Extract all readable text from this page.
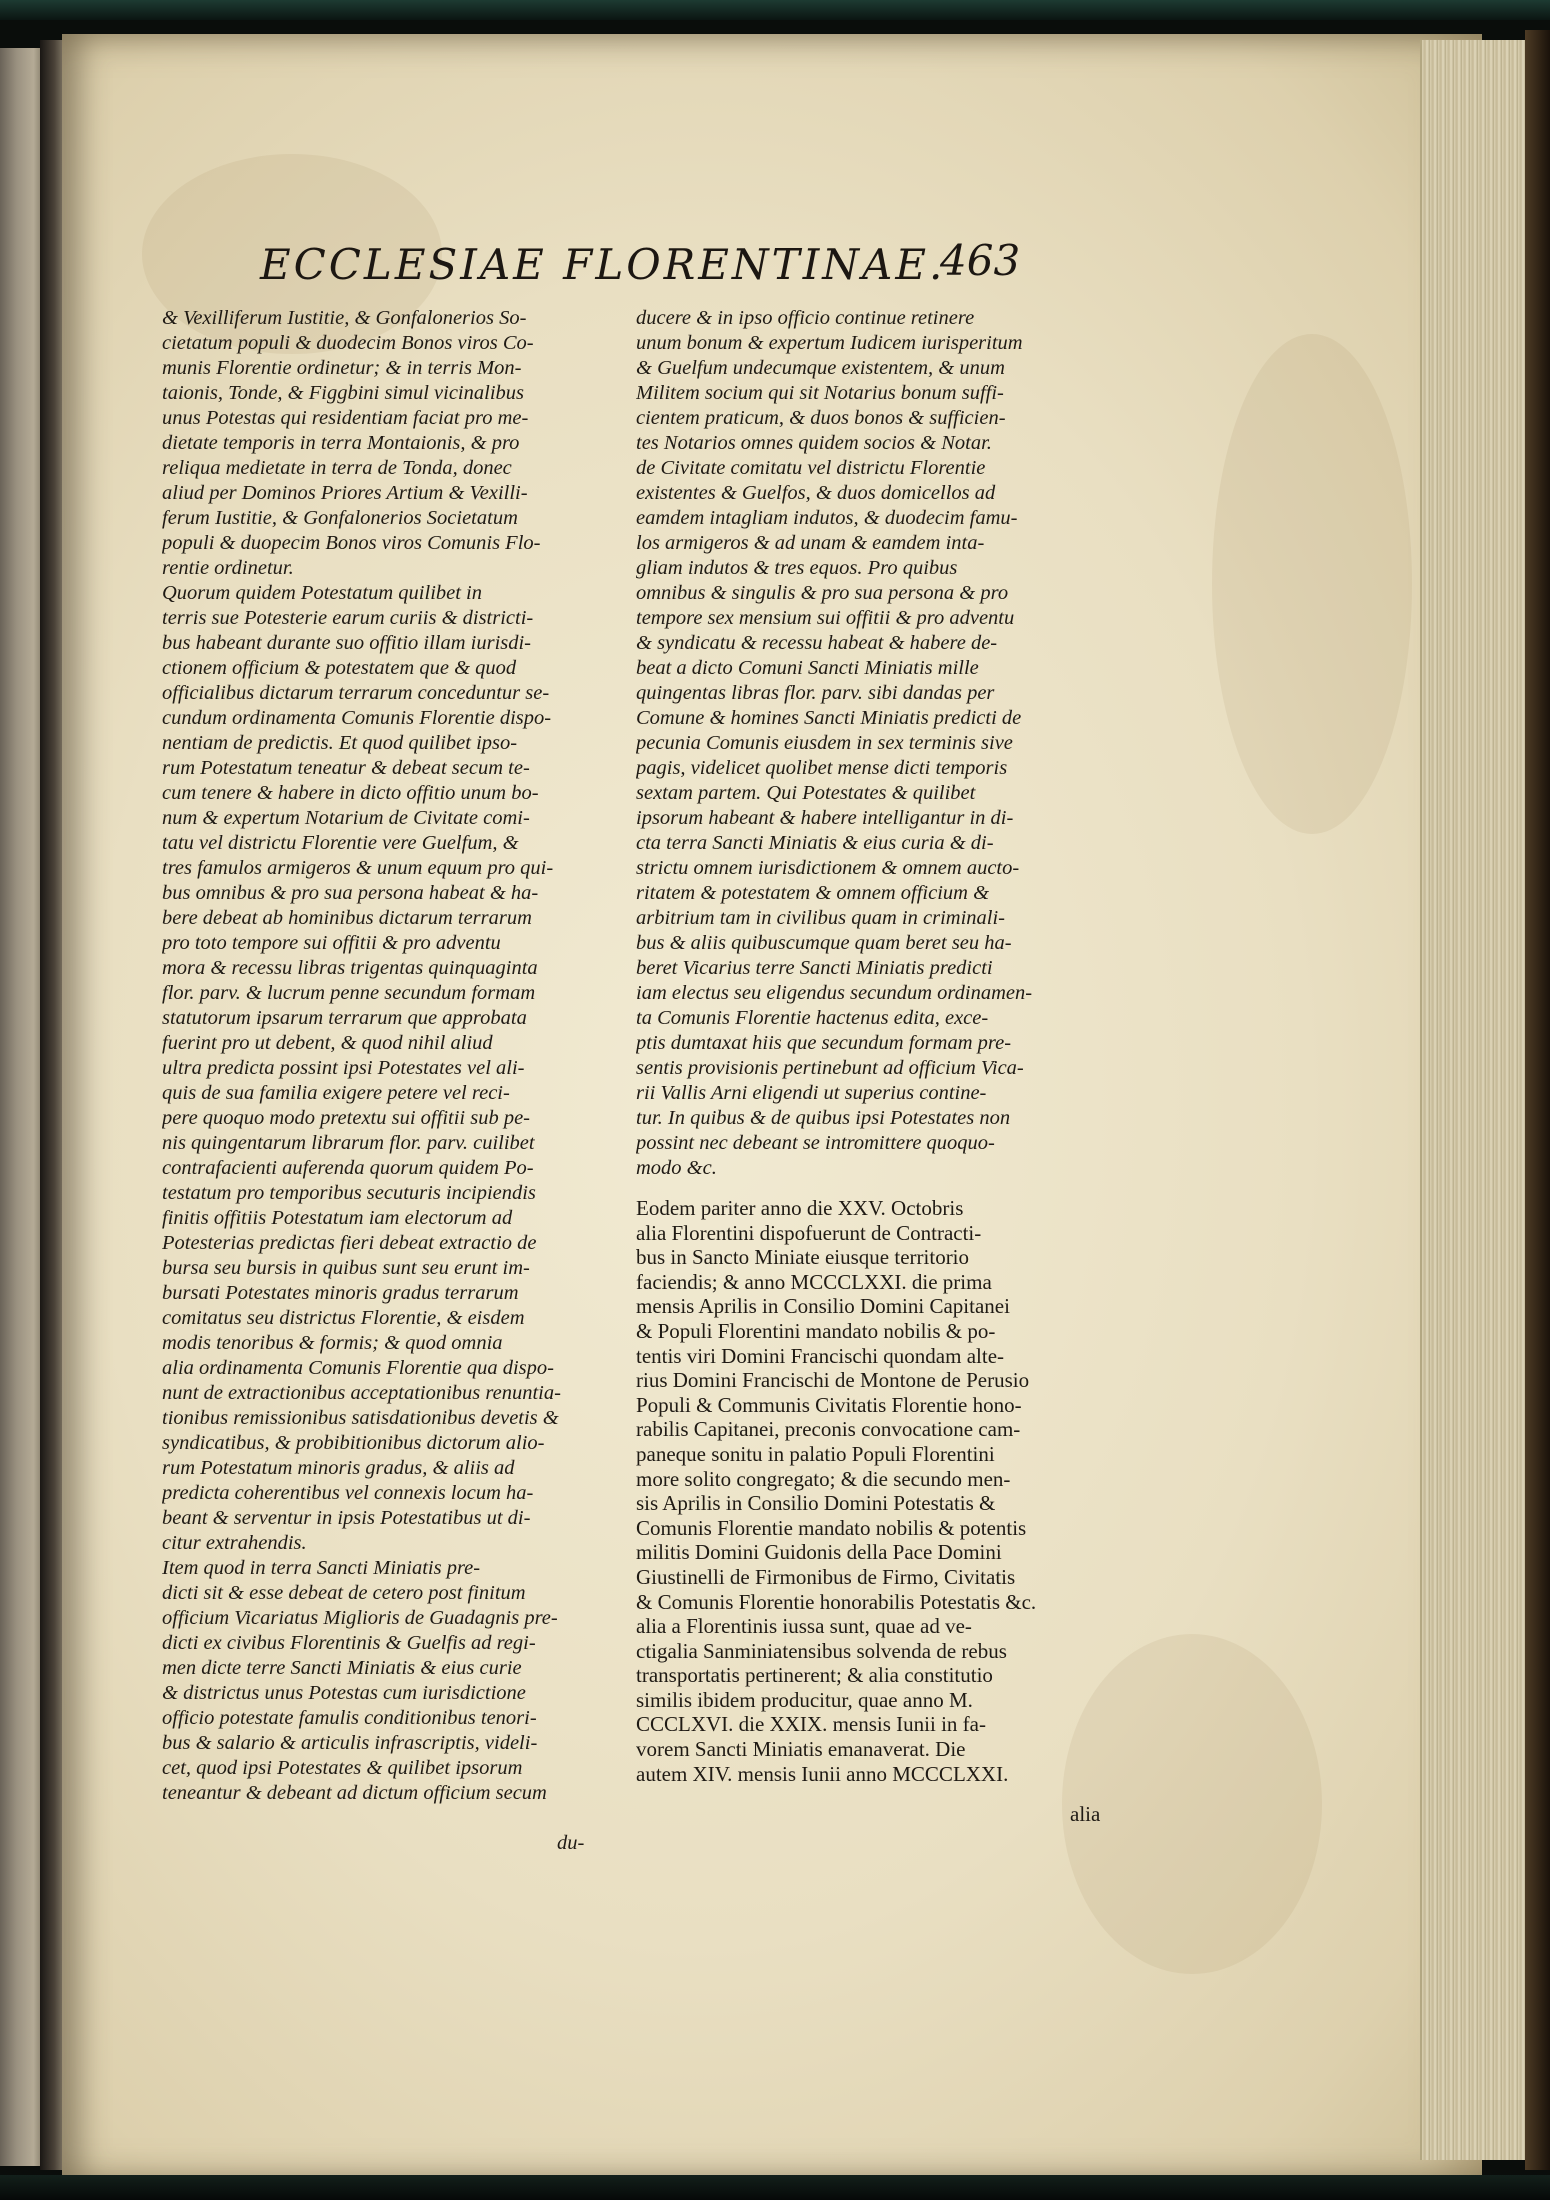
ECCLESIAE FLORENTINAE.
463
& Vexilliferum Iustitie, & Gonfalonerios So-
cietatum populi & duodecim Bonos viros Co-
munis Florentie ordinetur; & in terris Mon-
taionis, Tonde, & Figgbini simul vicinalibus
unus Potestas qui residentiam faciat pro me-
dietate temporis in terra Montaionis, & pro
reliqua medietate in terra de Tonda, donec
aliud per Dominos Priores Artium & Vexilli-
ferum Iustitie, & Gonfalonerios Societatum
populi & duopecim Bonos viros Comunis Flo-
rentie ordinetur.
Quorum quidem Potestatum quilibet in
terris sue Potesterie earum curiis & districti-
bus habeant durante suo offitio illam iurisdi-
ctionem officium & potestatem que & quod
officialibus dictarum terrarum conceduntur se-
cundum ordinamenta Comunis Florentie dispo-
nentiam de predictis. Et quod quilibet ipso-
rum Potestatum teneatur & debeat secum te-
cum tenere & habere in dicto offitio unum bo-
num & expertum Notarium de Civitate comi-
tatu vel districtu Florentie vere Guelfum, &
tres famulos armigeros & unum equum pro qui-
bus omnibus & pro sua persona habeat & ha-
bere debeat ab hominibus dictarum terrarum
pro toto tempore sui offitii & pro adventu
mora & recessu libras trigentas quinquaginta
flor. parv. & lucrum penne secundum formam
statutorum ipsarum terrarum que approbata
fuerint pro ut debent, & quod nihil aliud
ultra predicta possint ipsi Potestates vel ali-
quis de sua familia exigere petere vel reci-
pere quoquo modo pretextu sui offitii sub pe-
nis quingentarum librarum flor. parv. cuilibet
contrafacienti auferenda quorum quidem Po-
testatum pro temporibus secuturis incipiendis
finitis offitiis Potestatum iam electorum ad
Potesterias predictas fieri debeat extractio de
bursa seu bursis in quibus sunt seu erunt im-
bursati Potestates minoris gradus terrarum
comitatus seu districtus Florentie, & eisdem
modis tenoribus & formis; & quod omnia
alia ordinamenta Comunis Florentie qua dispo-
nunt de extractionibus acceptationibus renuntia-
tionibus remissionibus satisdationibus devetis &
syndicatibus, & probibitionibus dictorum alio-
rum Potestatum minoris gradus, & aliis ad
predicta coherentibus vel connexis locum ha-
beant & serventur in ipsis Potestatibus ut di-
citur extrahendis.
Item quod in terra Sancti Miniatis pre-
dicti sit & esse debeat de cetero post finitum
officium Vicariatus Miglioris de Guadagnis pre-
dicti ex civibus Florentinis & Guelfis ad regi-
men dicte terre Sancti Miniatis & eius curie
& districtus unus Potestas cum iurisdictione
officio potestate famulis conditionibus tenori-
bus & salario & articulis infrascriptis, videli-
cet, quod ipsi Potestates & quilibet ipsorum
teneantur & debeant ad dictum officium secum
du-
ducere & in ipso officio continue retinere
unum bonum & expertum Iudicem iurisperitum
& Guelfum undecumque existentem, & unum
Militem socium qui sit Notarius bonum suffi-
cientem praticum, & duos bonos & sufficien-
tes Notarios omnes quidem socios & Notar.
de Civitate comitatu vel districtu Florentie
existentes & Guelfos, & duos domicellos ad
eamdem intagliam indutos, & duodecim famu-
los armigeros & ad unam & eamdem inta-
gliam indutos & tres equos. Pro quibus
omnibus & singulis & pro sua persona & pro
tempore sex mensium sui offitii & pro adventu
& syndicatu & recessu habeat & habere de-
beat a dicto Comuni Sancti Miniatis mille
quingentas libras flor. parv. sibi dandas per
Comune & homines Sancti Miniatis predicti de
pecunia Comunis eiusdem in sex terminis sive
pagis, videlicet quolibet mense dicti temporis
sextam partem. Qui Potestates & quilibet
ipsorum habeant & habere intelligantur in di-
cta terra Sancti Miniatis & eius curia & di-
strictu omnem iurisdictionem & omnem aucto-
ritatem & potestatem & omnem officium &
arbitrium tam in civilibus quam in criminali-
bus & aliis quibuscumque quam beret seu ha-
beret Vicarius terre Sancti Miniatis predicti
iam electus seu eligendus secundum ordinamen-
ta Comunis Florentie hactenus edita, exce-
ptis dumtaxat hiis que secundum formam pre-
sentis provisionis pertinebunt ad officium Vica-
rii Vallis Arni eligendi ut superius contine-
tur. In quibus & de quibus ipsi Potestates non
possint nec debeant se intromittere quoquo-
modo &c.
Eodem pariter anno die XXV. Octobris
alia Florentini dispofuerunt de Contracti-
bus in Sancto Miniate eiusque territorio
faciendis; & anno MCCCLXXI. die prima
mensis Aprilis in Consilio Domini Capitanei
& Populi Florentini mandato nobilis & po-
tentis viri Domini Francischi quondam alte-
rius Domini Francischi de Montone de Perusio
Populi & Communis Civitatis Florentie hono-
rabilis Capitanei, preconis convocatione cam-
paneque sonitu in palatio Populi Florentini
more solito congregato; & die secundo men-
sis Aprilis in Consilio Domini Potestatis &
Comunis Florentie mandato nobilis & potentis
militis Domini Guidonis della Pace Domini
Giustinelli de Firmonibus de Firmo, Civitatis
& Comunis Florentie honorabilis Potestatis &c.
alia a Florentinis iussa sunt, quae ad ve-
ctigalia Sanminiatensibus solvenda de rebus
transportatis pertinerent; & alia constitutio
similis ibidem producitur, quae anno M.
CCCLXVI. die XXIX. mensis Iunii in fa-
vorem Sancti Miniatis emanaverat. Die
autem XIV. mensis Iunii anno MCCCLXXI.
alia
